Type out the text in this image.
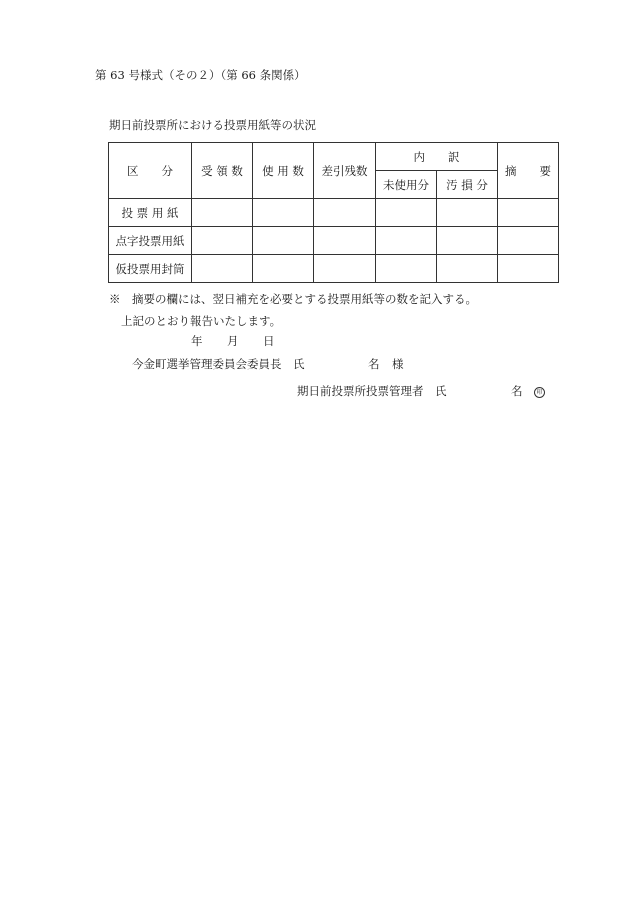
第 63 号様式（その２）（第 66 条関係）
期日前投票所における投票用紙等の状況
区　　分	受 領 数	使 用 数	差引残数	内　　訳		摘　　要
				未使用分	汚 損 分	
投 票 用 紙						
点字投票用紙						
仮投票用封筒						
※　摘要の欄には、翌日補充を必要とする投票用紙等の数を記入する。
上記のとおり報告いたします。
年 月 日
今金町選挙管理委員会委員長　氏	名 様
期日前投票所投票管理者　氏	名	印
